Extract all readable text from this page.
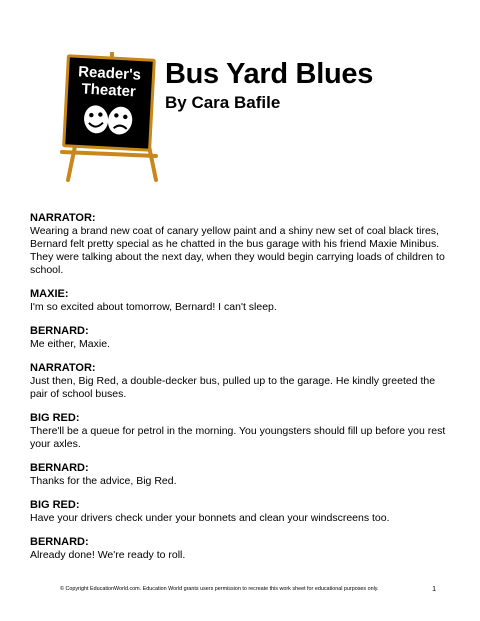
Reader's
Theater
Bus Yard Blues
By Cara Bafile
NARRATOR:
Wearing a brand new coat of canary yellow paint and a shiny new set of coal black tires, Bernard felt pretty special as he chatted in the bus garage with his friend Maxie Minibus. They were talking about the next day, when they would begin carrying loads of children to school.
MAXIE:
I'm so excited about tomorrow, Bernard! I can't sleep.
BERNARD:
Me either, Maxie.
NARRATOR:
Just then, Big Red, a double-decker bus, pulled up to the garage. He kindly greeted the pair of school buses.
BIG RED:
There'll be a queue for petrol in the morning. You youngsters should fill up before you rest your axles.
BERNARD:
Thanks for the advice, Big Red.
BIG RED:
Have your drivers check under your bonnets and clean your windscreens too.
BERNARD:
Already done! We're ready to roll.
© Copyright EducationWorld.com. Education World grants users permission to recreate this work sheet for educational purposes only.	1
